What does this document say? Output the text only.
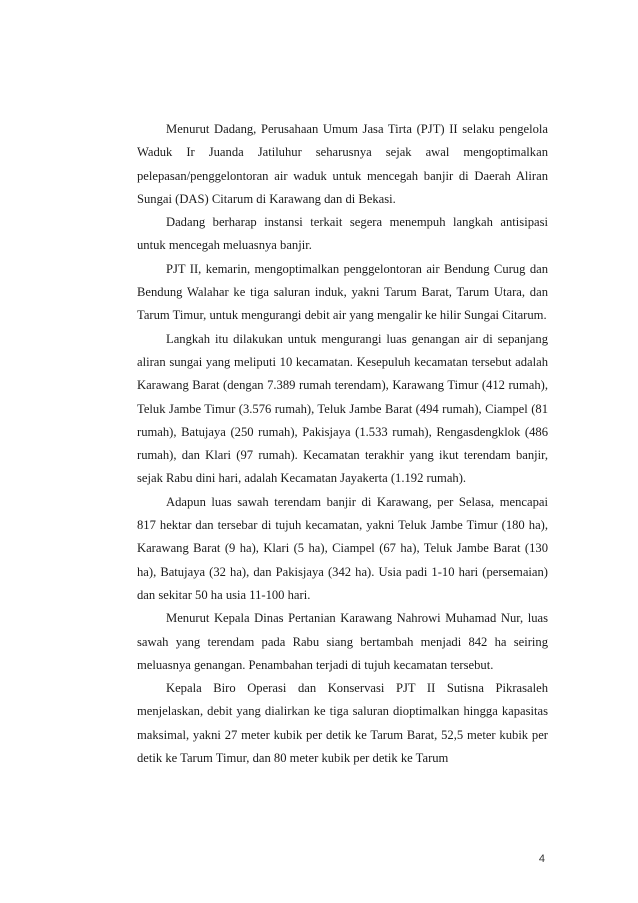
Menurut Dadang, Perusahaan Umum Jasa Tirta (PJT) II selaku pengelola Waduk Ir Juanda Jatiluhur seharusnya sejak awal mengoptimalkan pelepasan/penggelontoran air waduk untuk mencegah banjir di Daerah Aliran Sungai (DAS) Citarum di Karawang dan di Bekasi.

Dadang berharap instansi terkait segera menempuh langkah antisipasi untuk mencegah meluasnya banjir.

PJT II, kemarin, mengoptimalkan penggelontoran air Bendung Curug dan Bendung Walahar ke tiga saluran induk, yakni Tarum Barat, Tarum Utara, dan Tarum Timur, untuk mengurangi debit air yang mengalir ke hilir Sungai Citarum.

Langkah itu dilakukan untuk mengurangi luas genangan air di sepanjang aliran sungai yang meliputi 10 kecamatan. Kesepuluh kecamatan tersebut adalah Karawang Barat (dengan 7.389 rumah terendam), Karawang Timur (412 rumah), Teluk Jambe Timur (3.576 rumah), Teluk Jambe Barat (494 rumah), Ciampel (81 rumah), Batujaya (250 rumah), Pakisjaya (1.533 rumah), Rengasdengklok (486 rumah), dan Klari (97 rumah). Kecamatan terakhir yang ikut terendam banjir, sejak Rabu dini hari, adalah Kecamatan Jayakerta (1.192 rumah).

Adapun luas sawah terendam banjir di Karawang, per Selasa, mencapai 817 hektar dan tersebar di tujuh kecamatan, yakni Teluk Jambe Timur (180 ha), Karawang Barat (9 ha), Klari (5 ha), Ciampel (67 ha), Teluk Jambe Barat (130 ha), Batujaya (32 ha), dan Pakisjaya (342 ha). Usia padi 1-10 hari (persemaian) dan sekitar 50 ha usia 11-100 hari.

Menurut Kepala Dinas Pertanian Karawang Nahrowi Muhamad Nur, luas sawah yang terendam pada Rabu siang bertambah menjadi 842 ha seiring meluasnya genangan. Penambahan terjadi di tujuh kecamatan tersebut.

Kepala Biro Operasi dan Konservasi PJT II Sutisna Pikrasaleh menjelaskan, debit yang dialirkan ke tiga saluran dioptimalkan hingga kapasitas maksimal, yakni 27 meter kubik per detik ke Tarum Barat, 52,5 meter kubik per detik ke Tarum Timur, dan 80 meter kubik per detik ke Tarum

4
